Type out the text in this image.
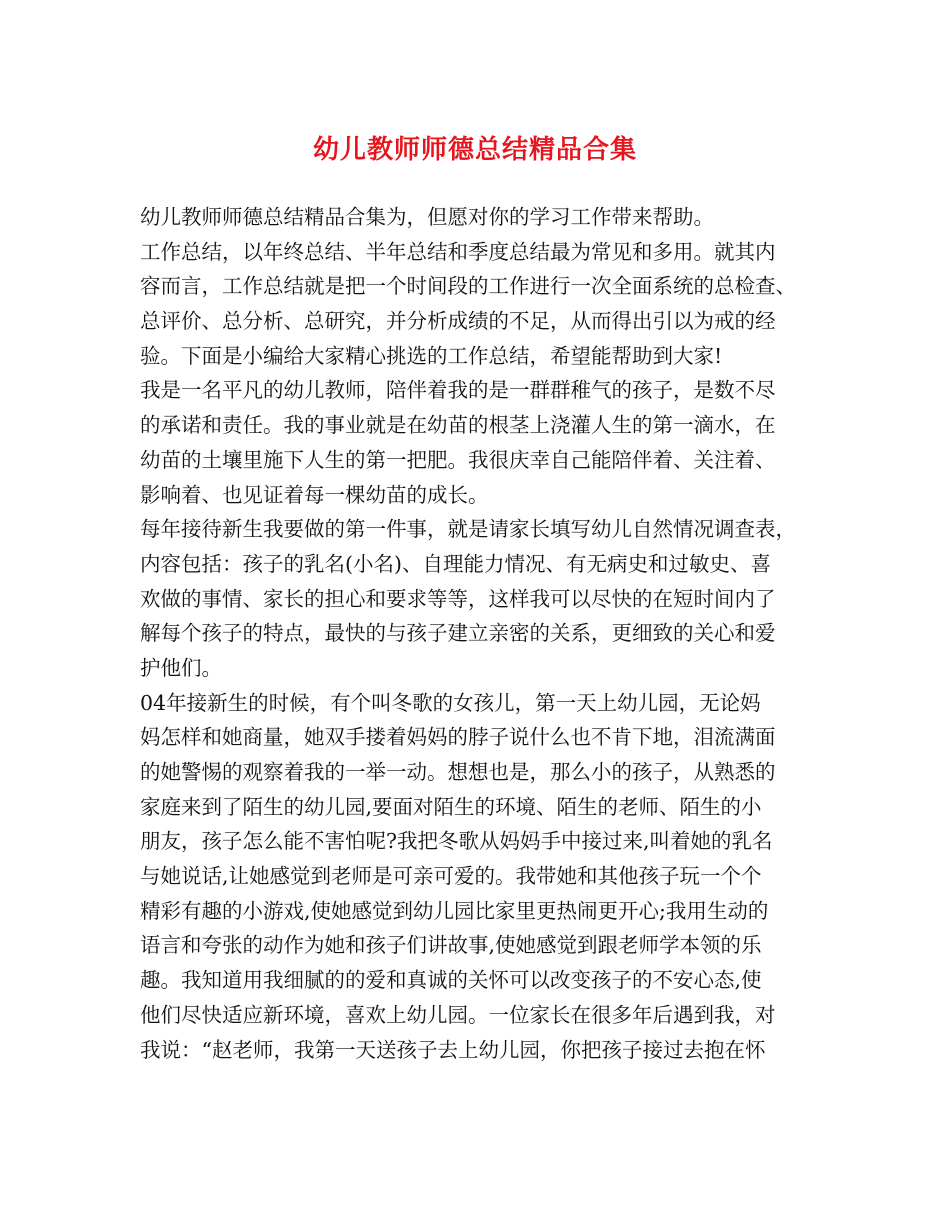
幼儿教师师德总结精品合集
幼儿教师师德总结精品合集为，但愿对你的学习工作带来帮助。
工作总结，以年终总结、半年总结和季度总结最为常见和多用。就其内
容而言，工作总结就是把一个时间段的工作进行一次全面系统的总检查、
总评价、总分析、总研究，并分析成绩的不足，从而得出引以为戒的经
验。下面是小编给大家精心挑选的工作总结，希望能帮助到大家!
我是一名平凡的幼儿教师，陪伴着我的是一群群稚气的孩子，是数不尽
的承诺和责任。我的事业就是在幼苗的根茎上浇灌人生的第一滴水，在
幼苗的土壤里施下人生的第一把肥。我很庆幸自己能陪伴着、关注着、
影响着、也见证着每一棵幼苗的成长。
每年接待新生我要做的第一件事，就是请家长填写幼儿自然情况调查表，
内容包括：孩子的乳名(小名)、自理能力情况、有无病史和过敏史、喜
欢做的事情、家长的担心和要求等等，这样我可以尽快的在短时间内了
解每个孩子的特点，最快的与孩子建立亲密的关系，更细致的关心和爱
护他们。
04年接新生的时候，有个叫冬歌的女孩儿，第一天上幼儿园，无论妈
妈怎样和她商量，她双手搂着妈妈的脖子说什么也不肯下地，泪流满面
的她警惕的观察着我的一举一动。想想也是，那么小的孩子，从熟悉的
家庭来到了陌生的幼儿园,要面对陌生的环境、陌生的老师、陌生的小
朋友，孩子怎么能不害怕呢?我把冬歌从妈妈手中接过来,叫着她的乳名
与她说话,让她感觉到老师是可亲可爱的。我带她和其他孩子玩一个个
精彩有趣的小游戏,使她感觉到幼儿园比家里更热闹更开心;我用生动的
语言和夸张的动作为她和孩子们讲故事,使她感觉到跟老师学本领的乐
趣。我知道用我细腻的的爱和真诚的关怀可以改变孩子的不安心态,使
他们尽快适应新环境，喜欢上幼儿园。一位家长在很多年后遇到我，对
我说：“赵老师，我第一天送孩子去上幼儿园，你把孩子接过去抱在怀
